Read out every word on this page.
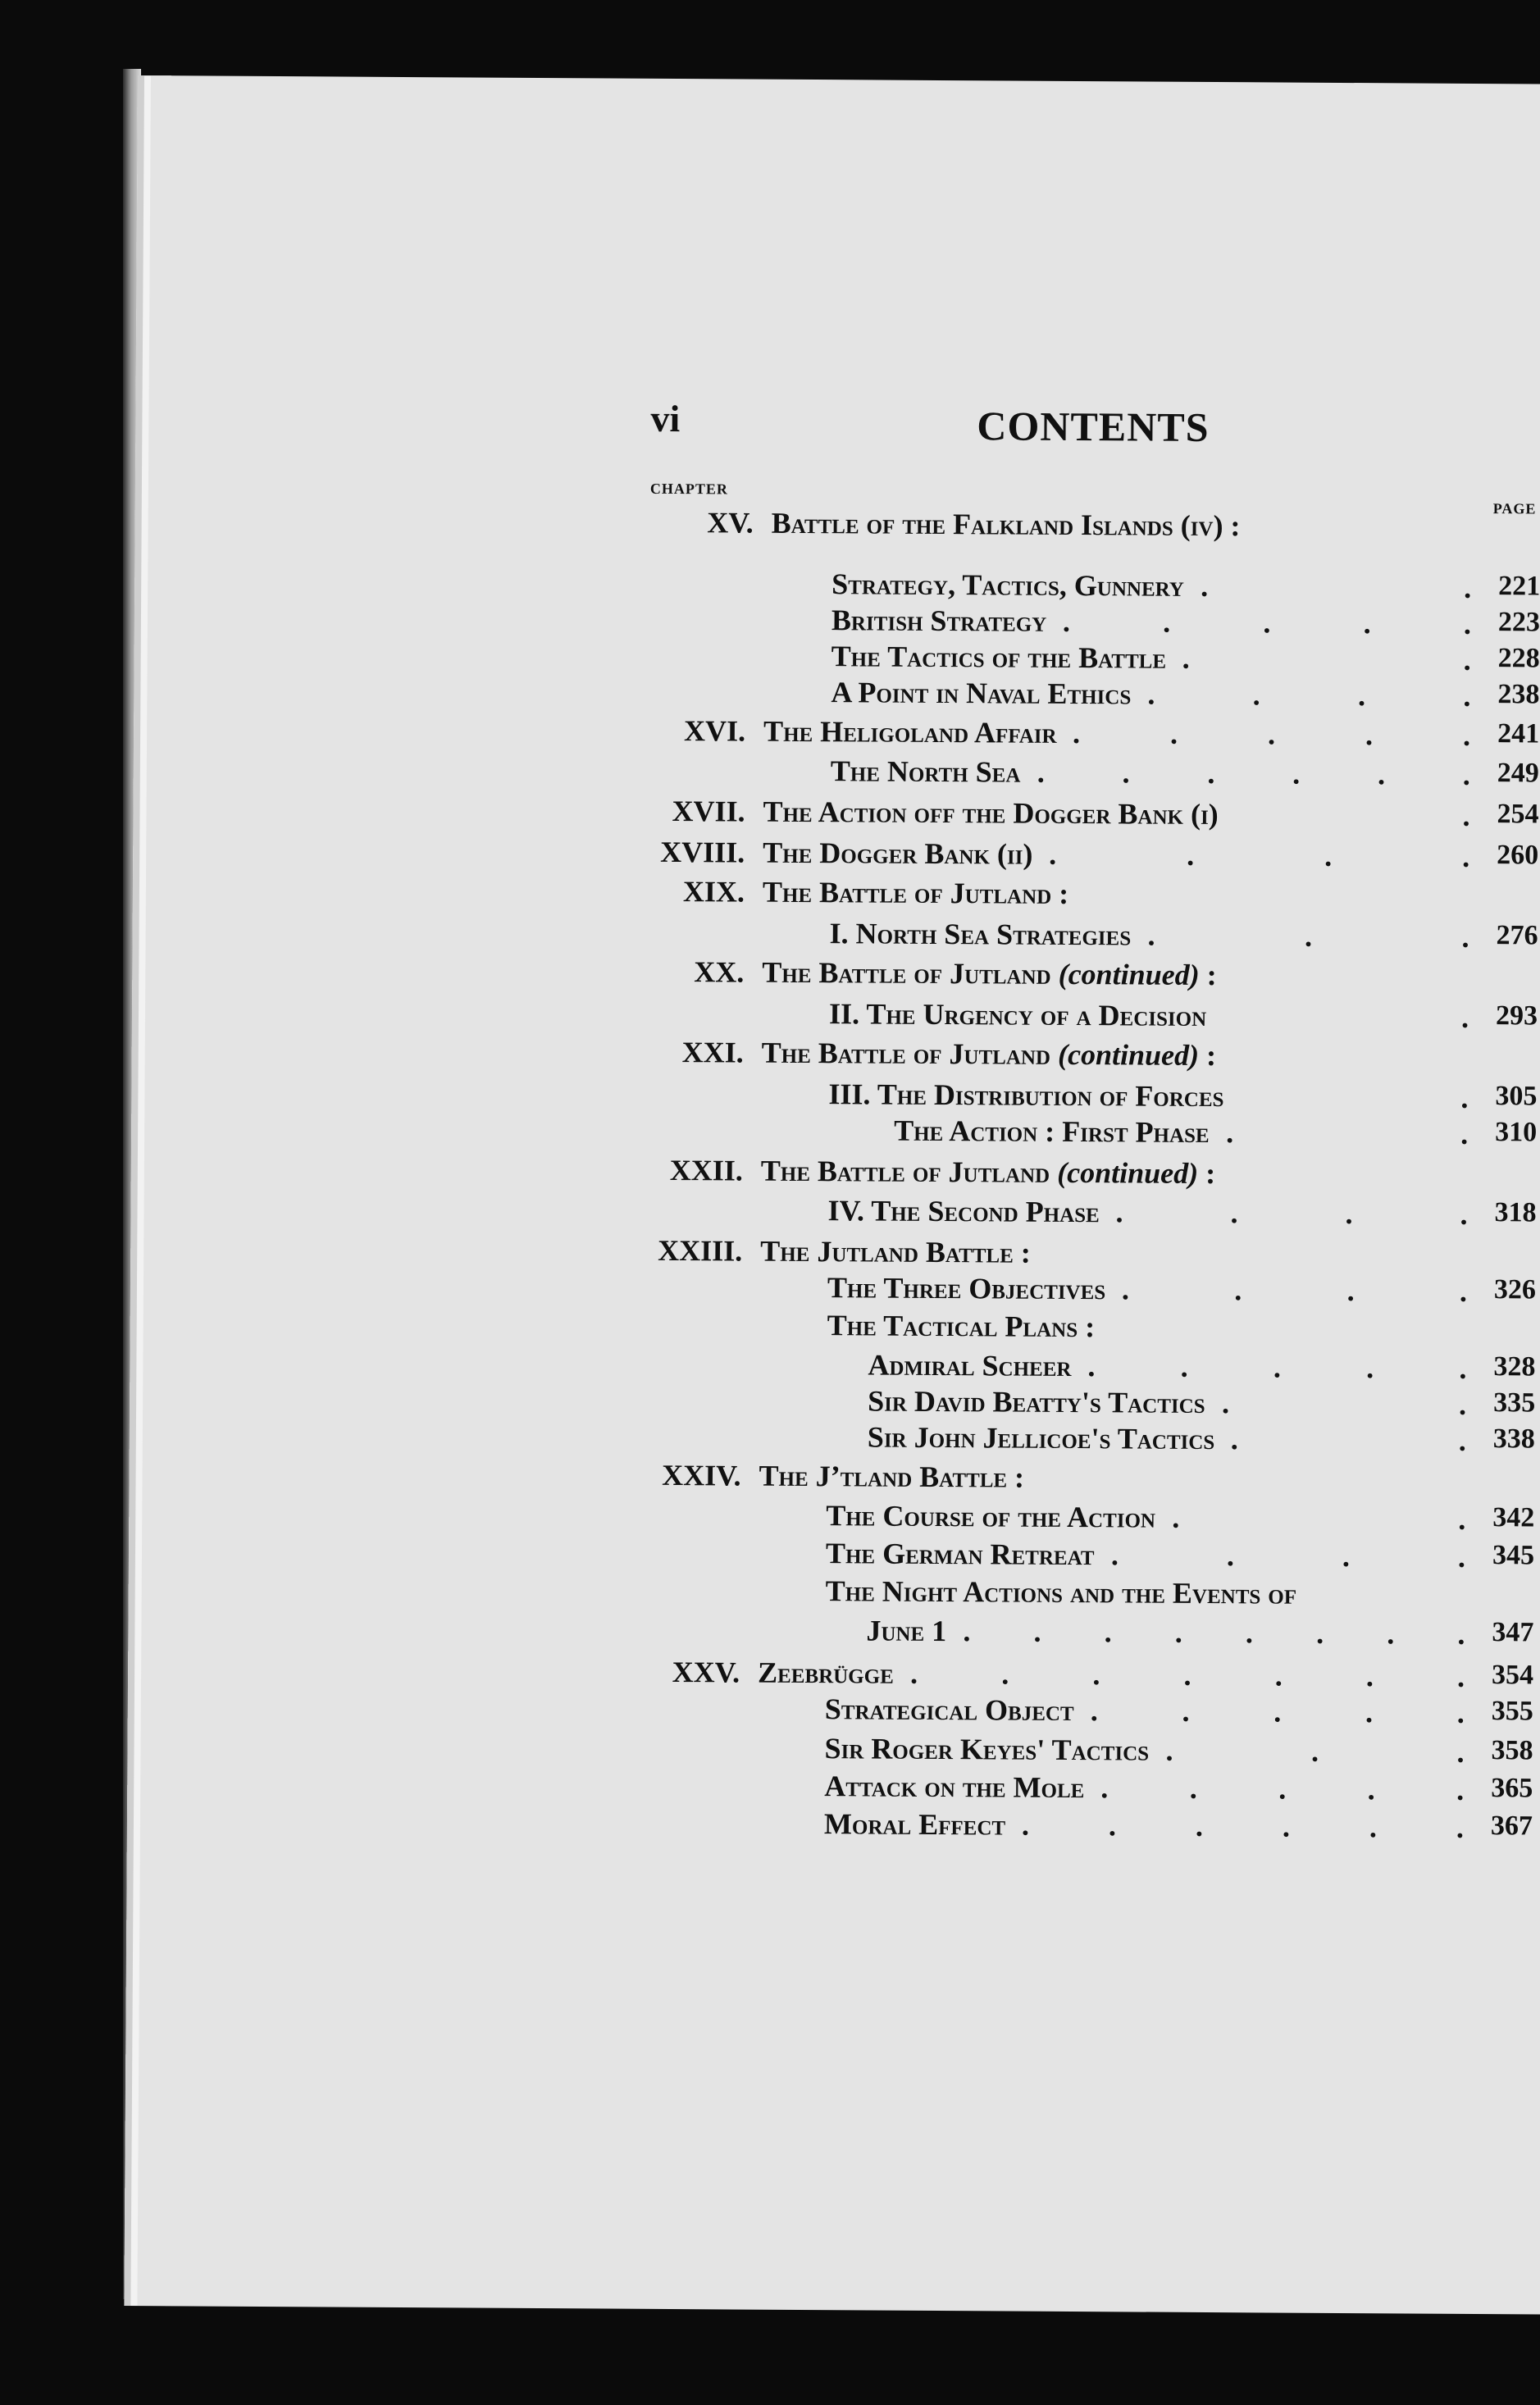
vi	CONTENTS
CHAPTER
PAGE
XV. Battle of the Falkland Islands (iv) :
Strategy, Tactics, Gunnery . . 221
British Strategy . . . . . 223
The Tactics of the Battle . . 228
A Point in Naval Ethics . . . . 238
XVI. The Heligoland Affair . . . . . 241
The North Sea . . . . . . 249
XVII. The Action off the Dogger Bank (i)	. 254
XVIII. The Dogger Bank (ii) . . . . 260
XIX. The Battle of Jutland :
I. North Sea Strategies . . . 276
XX. The Battle of Jutland (continued) :
II. The Urgency of a Decision	. 293
XXI. The Battle of Jutland (continued) :
III. The Distribution of Forces	. 305
The Action : First Phase . . 310
XXII. The Battle of Jutland (continued) :
IV. The Second Phase . . . . 318
XXIII. The Jutland Battle :
The Three Objectives . . . . 326
The Tactical Plans :
Admiral Scheer . . . . . 328
Sir David Beatty's Tactics . . 335
Sir John Jellicoe's Tactics . . 338
XXIV. The Jʼtland Battle :
The Course of the Action . . 342
The German Retreat . . . . 345
The Night Actions and the Events of
June 1 . . . . . . . . 347
XXV. Zeebrügge . . . . . . . 354
Strategical Object . . . . . 355
Sir Roger Keyes' Tactics . . . 358
Attack on the Mole . . . . . 365
Moral Effect . . . . . . 367
